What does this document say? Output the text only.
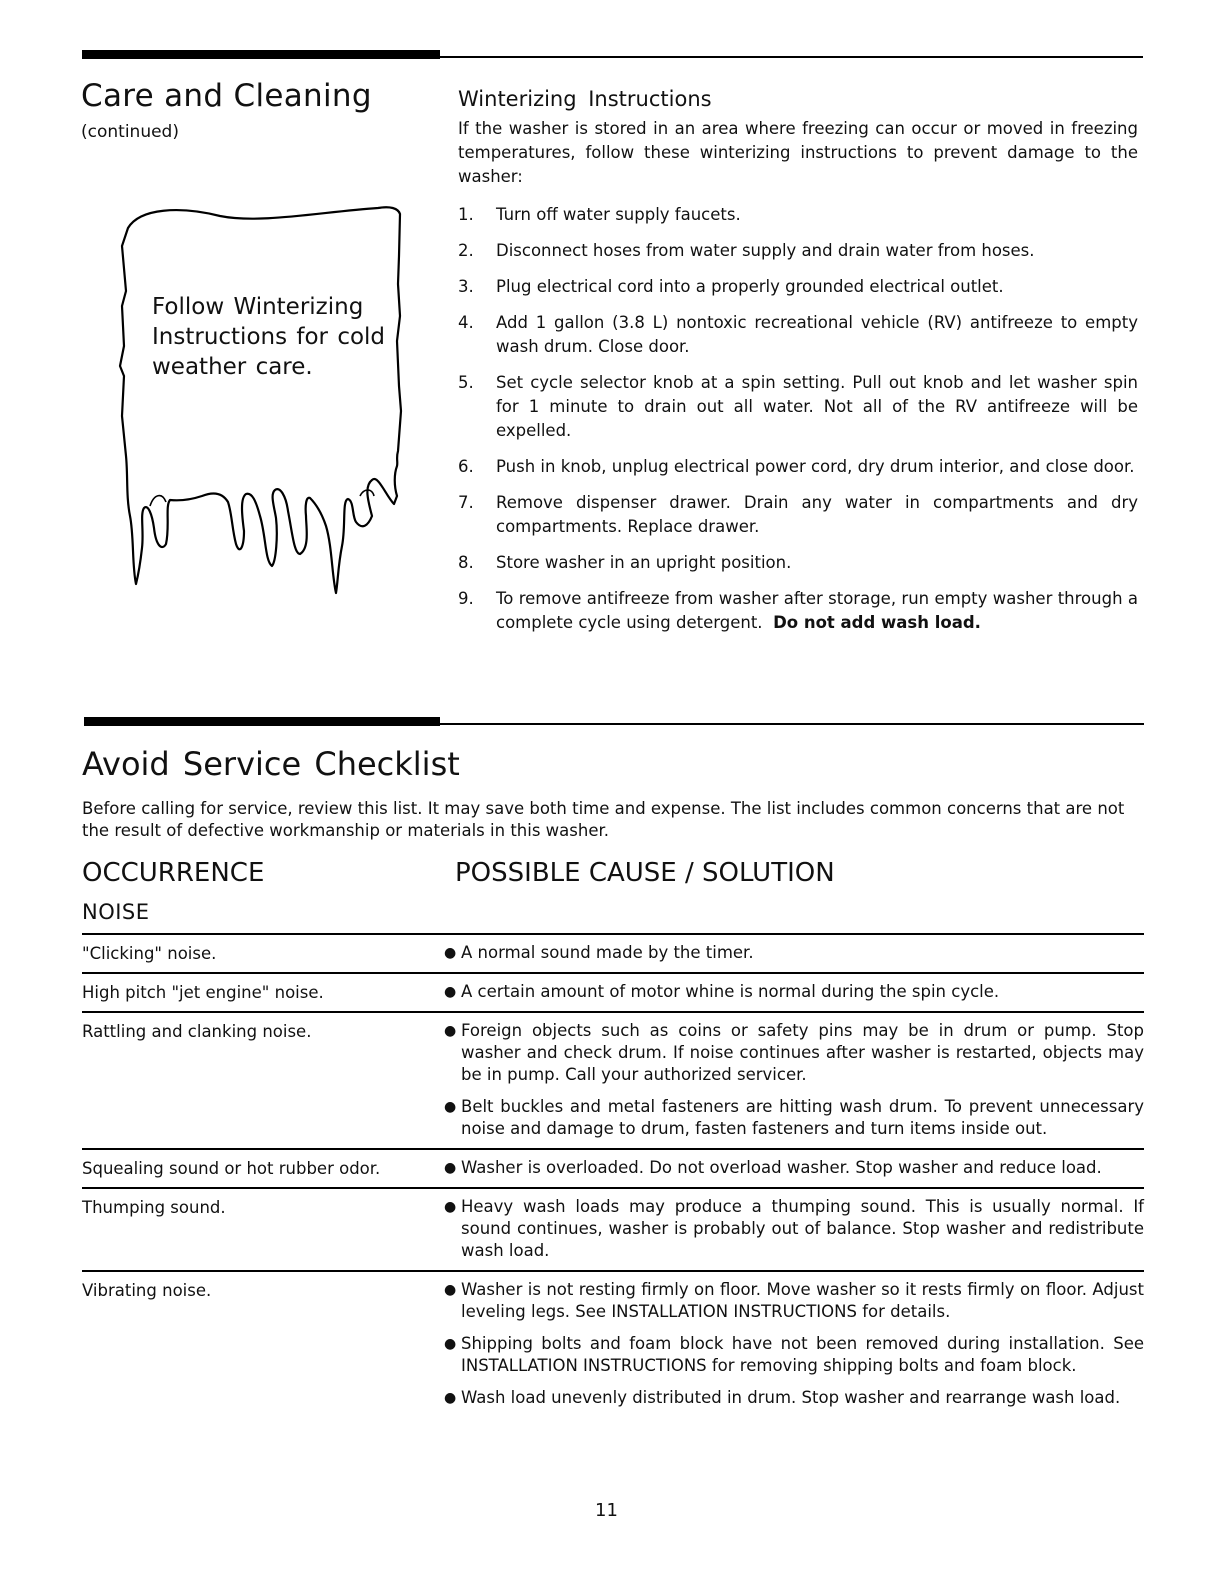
Care and Cleaning
(continued)
Follow Winterizing Instructions for cold weather care.
Winterizing Instructions

If the washer is stored in an area where freezing can occur or moved in freezing temperatures, follow these winterizing instructions to prevent damage to the washer:

1.	Turn off water supply faucets.
2.	Disconnect hoses from water supply and drain water from hoses.
3.	Plug electrical cord into a properly grounded electrical outlet.
4.	Add 1 gallon (3.8 L) nontoxic recreational vehicle (RV) antifreeze to empty wash drum. Close door.
5.	Set cycle selector knob at a spin setting. Pull out knob and let washer spin for 1 minute to drain out all water. Not all of the RV antifreeze will be expelled.
6.	Push in knob, unplug electrical power cord, dry drum interior, and close door.
7.	Remove dispenser drawer. Drain any water in compartments and dry compartments. Replace drawer.
8.	Store washer in an upright position.
9.	To remove antifreeze from washer after storage, run empty washer through a complete cycle using detergent. Do not add wash load.
Avoid Service Checklist

Before calling for service, review this list. It may save both time and expense. The list includes common concerns that are not the result of defective workmanship or materials in this washer.

OCCURRENCE	POSSIBLE CAUSE / SOLUTION
NOISE
"Clicking" noise.	● A normal sound made by the timer.
High pitch "jet engine" noise.	● A certain amount of motor whine is normal during the spin cycle.
Rattling and clanking noise.	● Foreign objects such as coins or safety pins may be in drum or pump. Stop washer and check drum. If noise continues after washer is restarted, objects may be in pump. Call your authorized servicer.
● Belt buckles and metal fasteners are hitting wash drum. To prevent unnecessary noise and damage to drum, fasten fasteners and turn items inside out.
Squealing sound or hot rubber odor.	● Washer is overloaded. Do not overload washer. Stop washer and reduce load.
Thumping sound.	● Heavy wash loads may produce a thumping sound. This is usually normal. If sound continues, washer is probably out of balance. Stop washer and redistribute wash load.
Vibrating noise.	● Washer is not resting firmly on floor. Move washer so it rests firmly on floor. Adjust leveling legs. See INSTALLATION INSTRUCTIONS for details.
● Shipping bolts and foam block have not been removed during installation. See INSTALLATION INSTRUCTIONS for removing shipping bolts and foam block.
● Wash load unevenly distributed in drum. Stop washer and rearrange wash load.
11
